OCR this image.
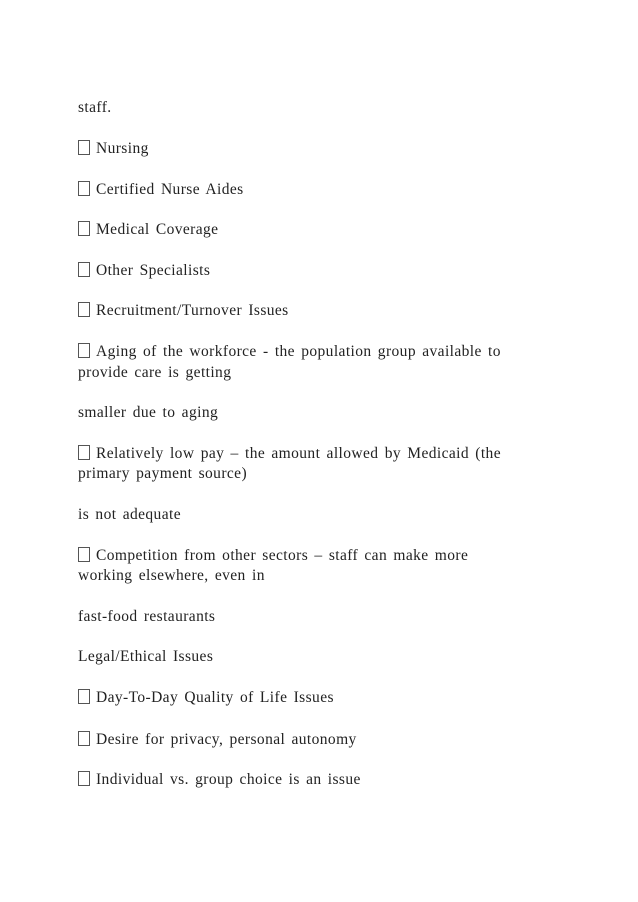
staff.
Nursing
Certified Nurse Aides
Medical Coverage
Other Specialists
Recruitment/Turnover Issues
Aging of the workforce - the population group available to
provide care is getting
smaller due to aging
Relatively low pay – the amount allowed by Medicaid (the
primary payment source)
is not adequate
Competition from other sectors – staff can make more
working elsewhere, even in
fast-food restaurants
Legal/Ethical Issues
Day-To-Day Quality of Life Issues
Desire for privacy, personal autonomy
Individual vs. group choice is an issue
